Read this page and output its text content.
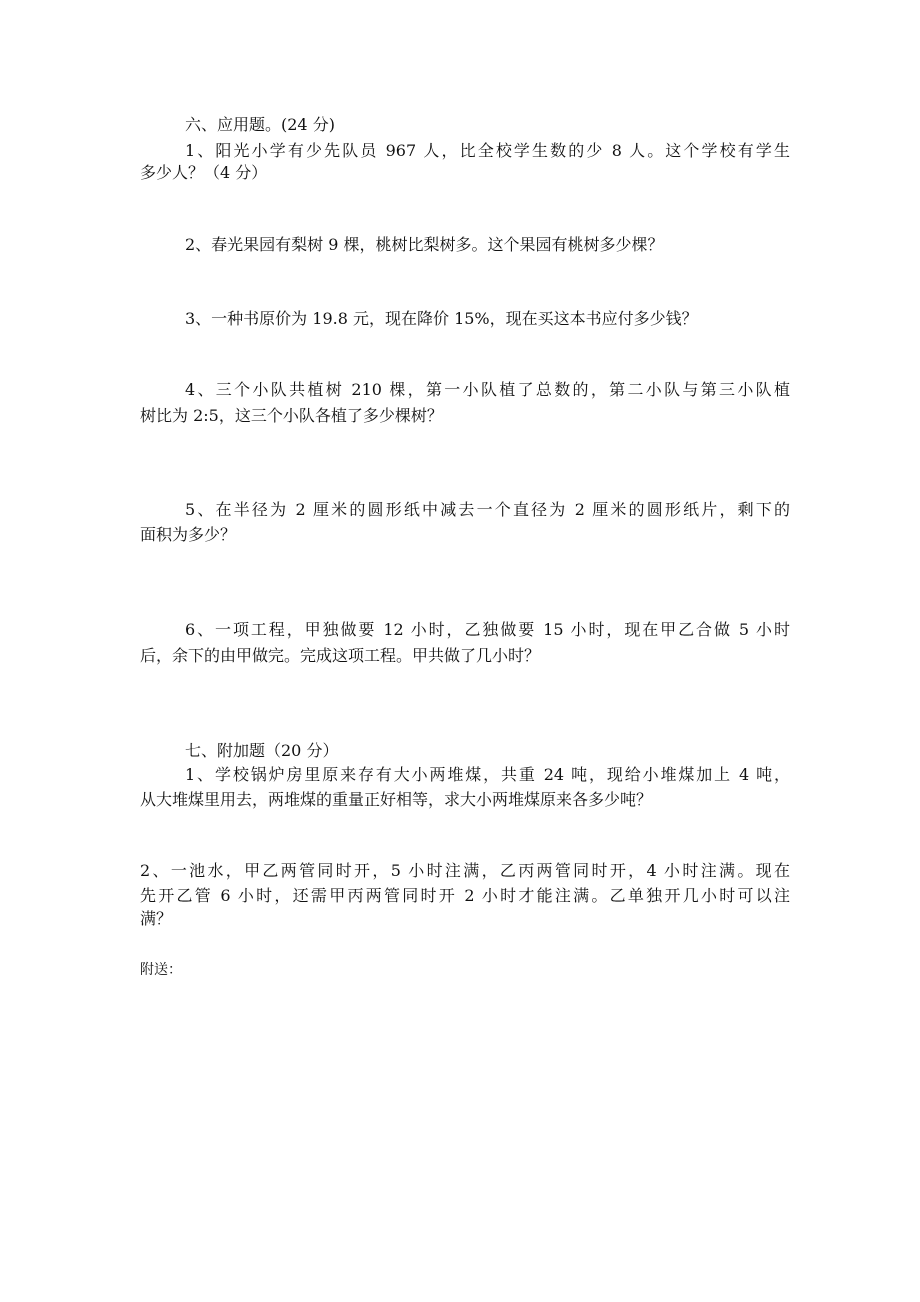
六、应用题。(24 分)
1、阳光小学有少先队员 967 人，比全校学生数的少 8 人。这个学校有学生
多少人？（4 分）
2、春光果园有梨树 9 棵，桃树比梨树多。这个果园有桃树多少棵？
3、一种书原价为 19.8 元，现在降价 15%，现在买这本书应付多少钱？
4、三个小队共植树 210 棵，第一小队植了总数的，第二小队与第三小队植
树比为 2:5，这三个小队各植了多少棵树？
5、在半径为 2 厘米的圆形纸中减去一个直径为 2 厘米的圆形纸片，剩下的
面积为多少？
6、一项工程，甲独做要 12 小时，乙独做要 15 小时，现在甲乙合做 5 小时
后，余下的由甲做完。完成这项工程。甲共做了几小时？
七、附加题（20 分）
1、学校锅炉房里原来存有大小两堆煤，共重 24 吨，现给小堆煤加上 4 吨，
从大堆煤里用去，两堆煤的重量正好相等，求大小两堆煤原来各多少吨？
2、一池水，甲乙两管同时开，5 小时注满，乙丙两管同时开，4 小时注满。现在
先开乙管 6 小时，还需甲丙两管同时开 2 小时才能注满。乙单独开几小时可以注
满？
附送：
